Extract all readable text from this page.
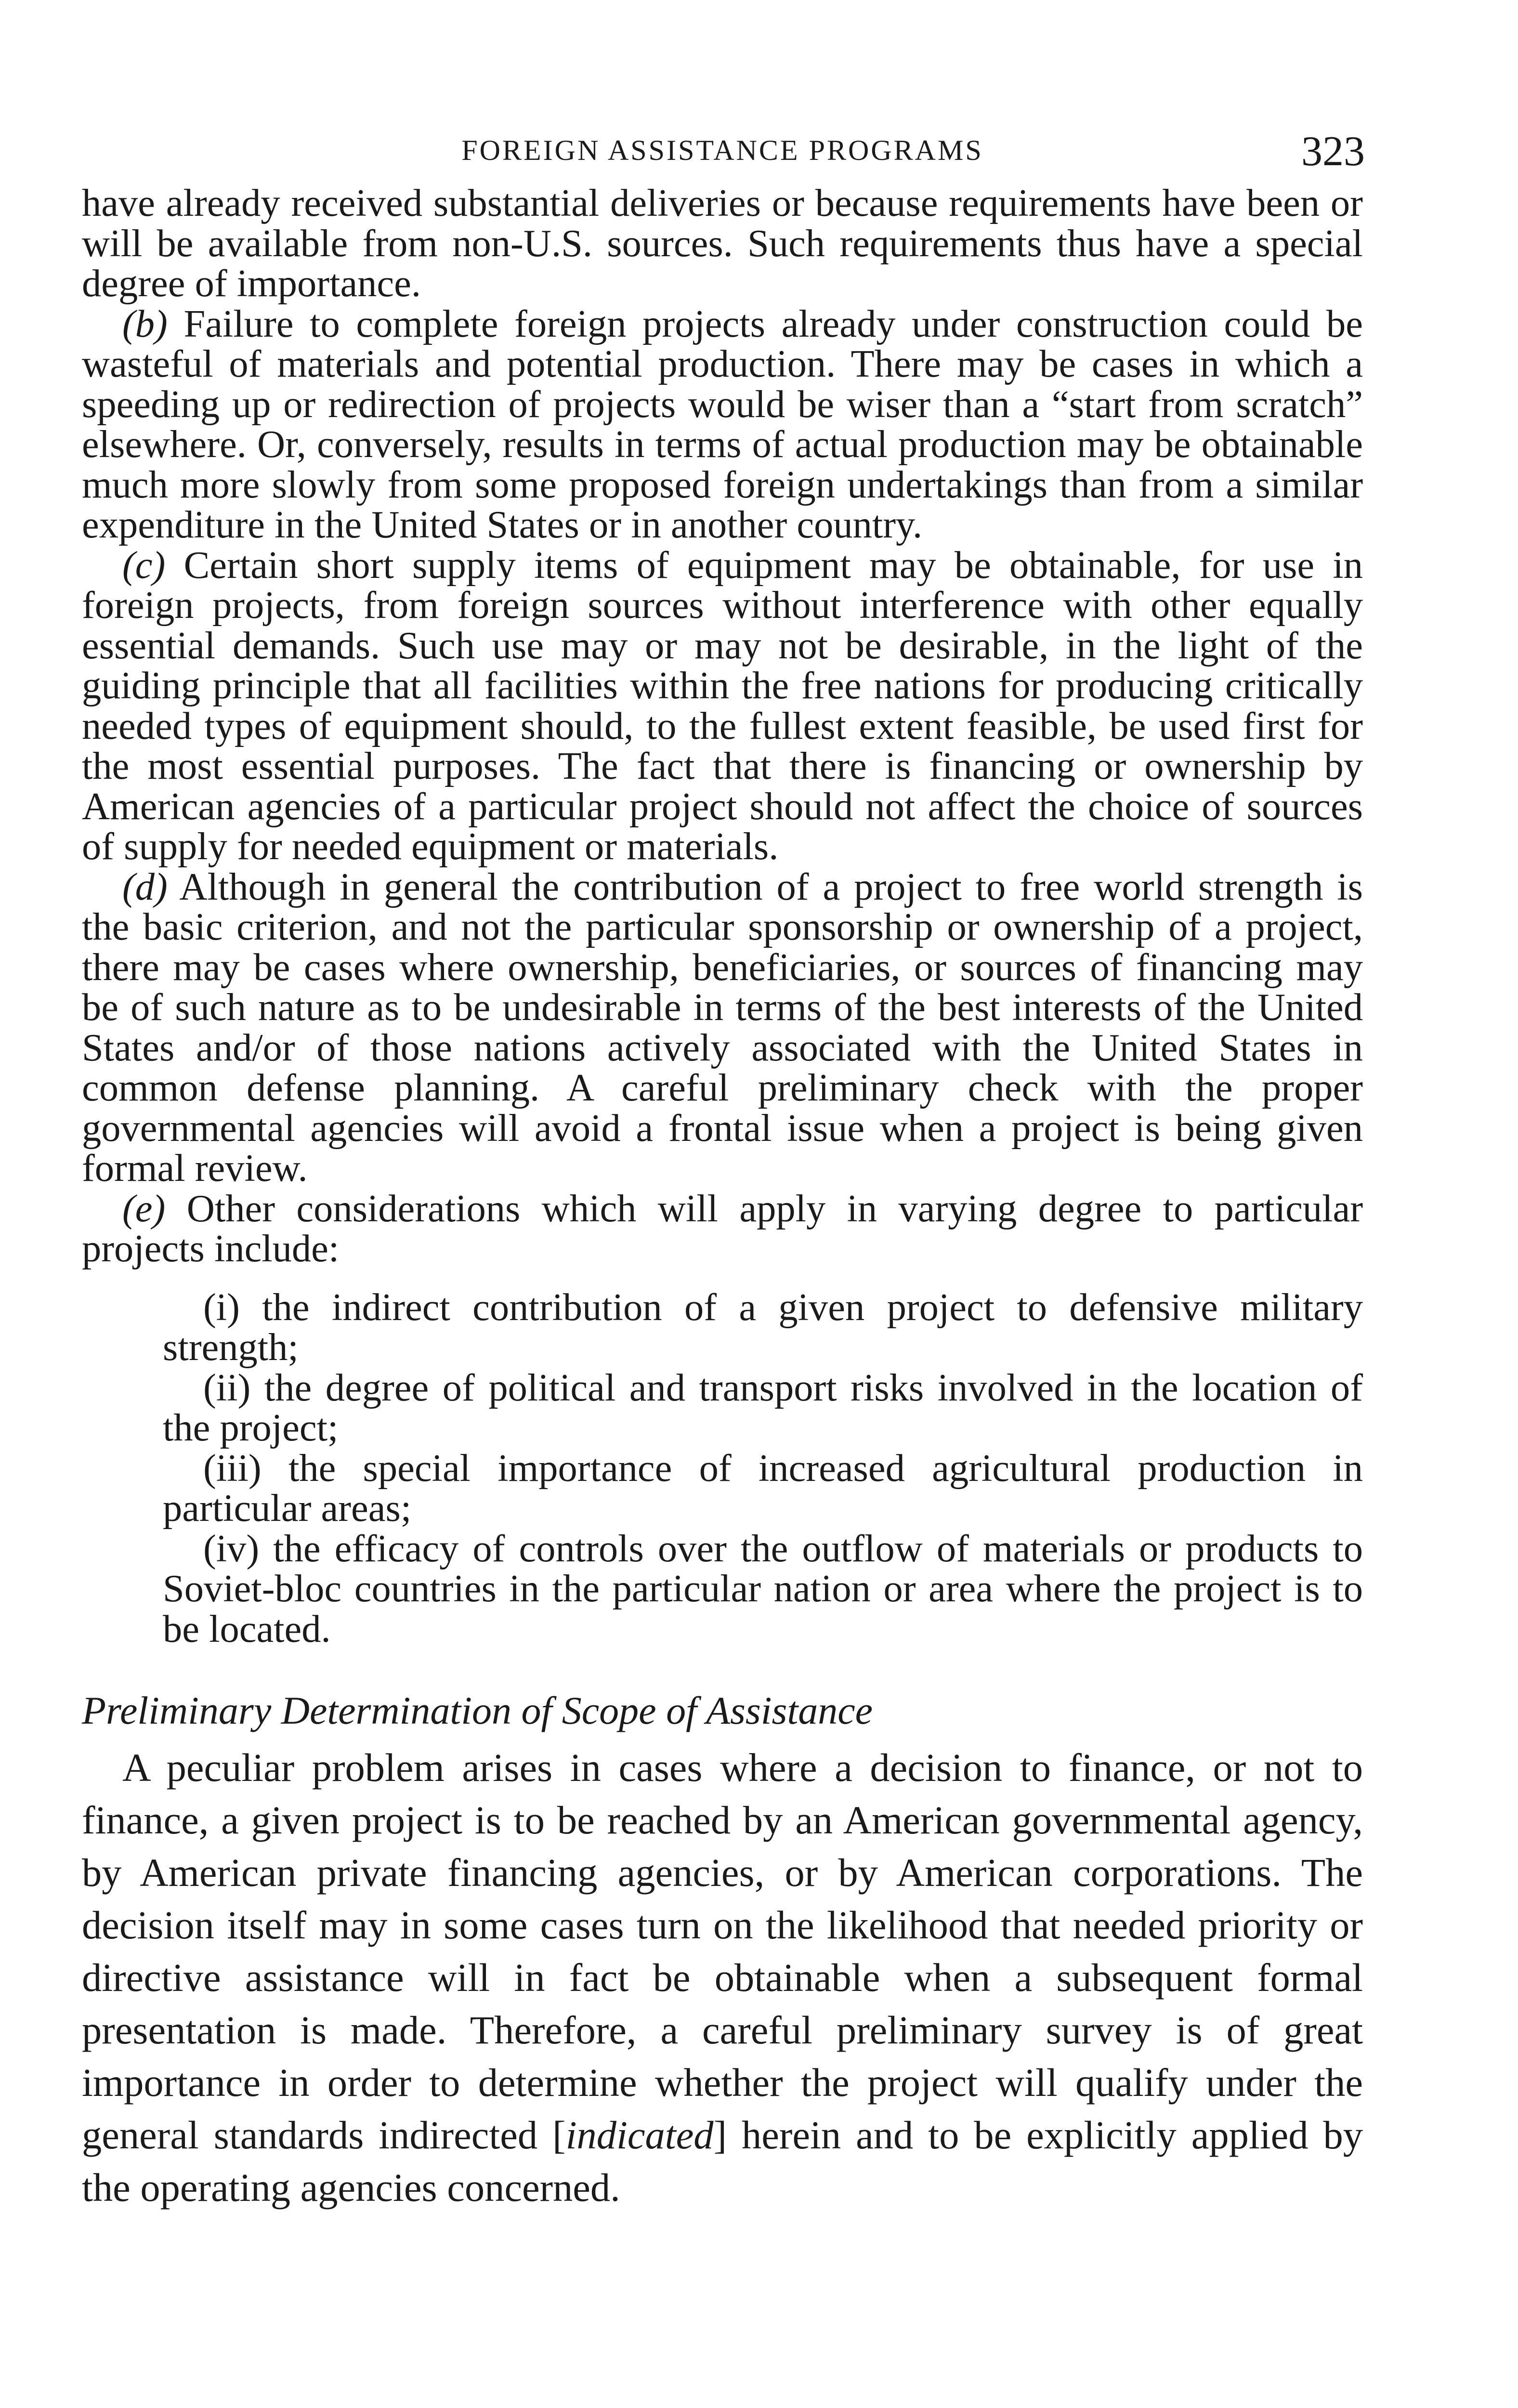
FOREIGN ASSISTANCE PROGRAMS	323

have already received substantial deliveries or because requirements have been or will be available from non-U.S. sources. Such requirements thus have a special degree of importance.

(b) Failure to complete foreign projects already under construction could be wasteful of materials and potential production. There may be cases in which a speeding up or redirection of projects would be wiser than a “start from scratch” elsewhere. Or, conversely, results in terms of actual production may be obtainable much more slowly from some proposed foreign undertakings than from a similar expenditure in the United States or in another country.

(c) Certain short supply items of equipment may be obtainable, for use in foreign projects, from foreign sources without interference with other equally essential demands. Such use may or may not be desirable, in the light of the guiding principle that all facilities within the free nations for producing critically needed types of equipment should, to the fullest extent feasible, be used first for the most essential purposes. The fact that there is financing or ownership by American agencies of a particular project should not affect the choice of sources of supply for needed equipment or materials.

(d) Although in general the contribution of a project to free world strength is the basic criterion, and not the particular sponsorship or ownership of a project, there may be cases where ownership, beneficiaries, or sources of financing may be of such nature as to be undesirable in terms of the best interests of the United States and/or of those nations actively associated with the United States in common defense planning. A careful preliminary check with the proper governmental agencies will avoid a frontal issue when a project is being given formal review.

(e) Other considerations which will apply in varying degree to particular projects include:

(i) the indirect contribution of a given project to defensive military strength;

(ii) the degree of political and transport risks involved in the location of the project;

(iii) the special importance of increased agricultural production in particular areas;

(iv) the efficacy of controls over the outflow of materials or products to Soviet-bloc countries in the particular nation or area where the project is to be located.

Preliminary Determination of Scope of Assistance

A peculiar problem arises in cases where a decision to finance, or not to finance, a given project is to be reached by an American governmental agency, by American private financing agencies, or by American corporations. The decision itself may in some cases turn on the likelihood that needed priority or directive assistance will in fact be obtainable when a subsequent formal presentation is made. Therefore, a careful preliminary survey is of great importance in order to determine whether the project will qualify under the general standards indirected [indicated] herein and to be explicitly applied by the operating agencies concerned.
